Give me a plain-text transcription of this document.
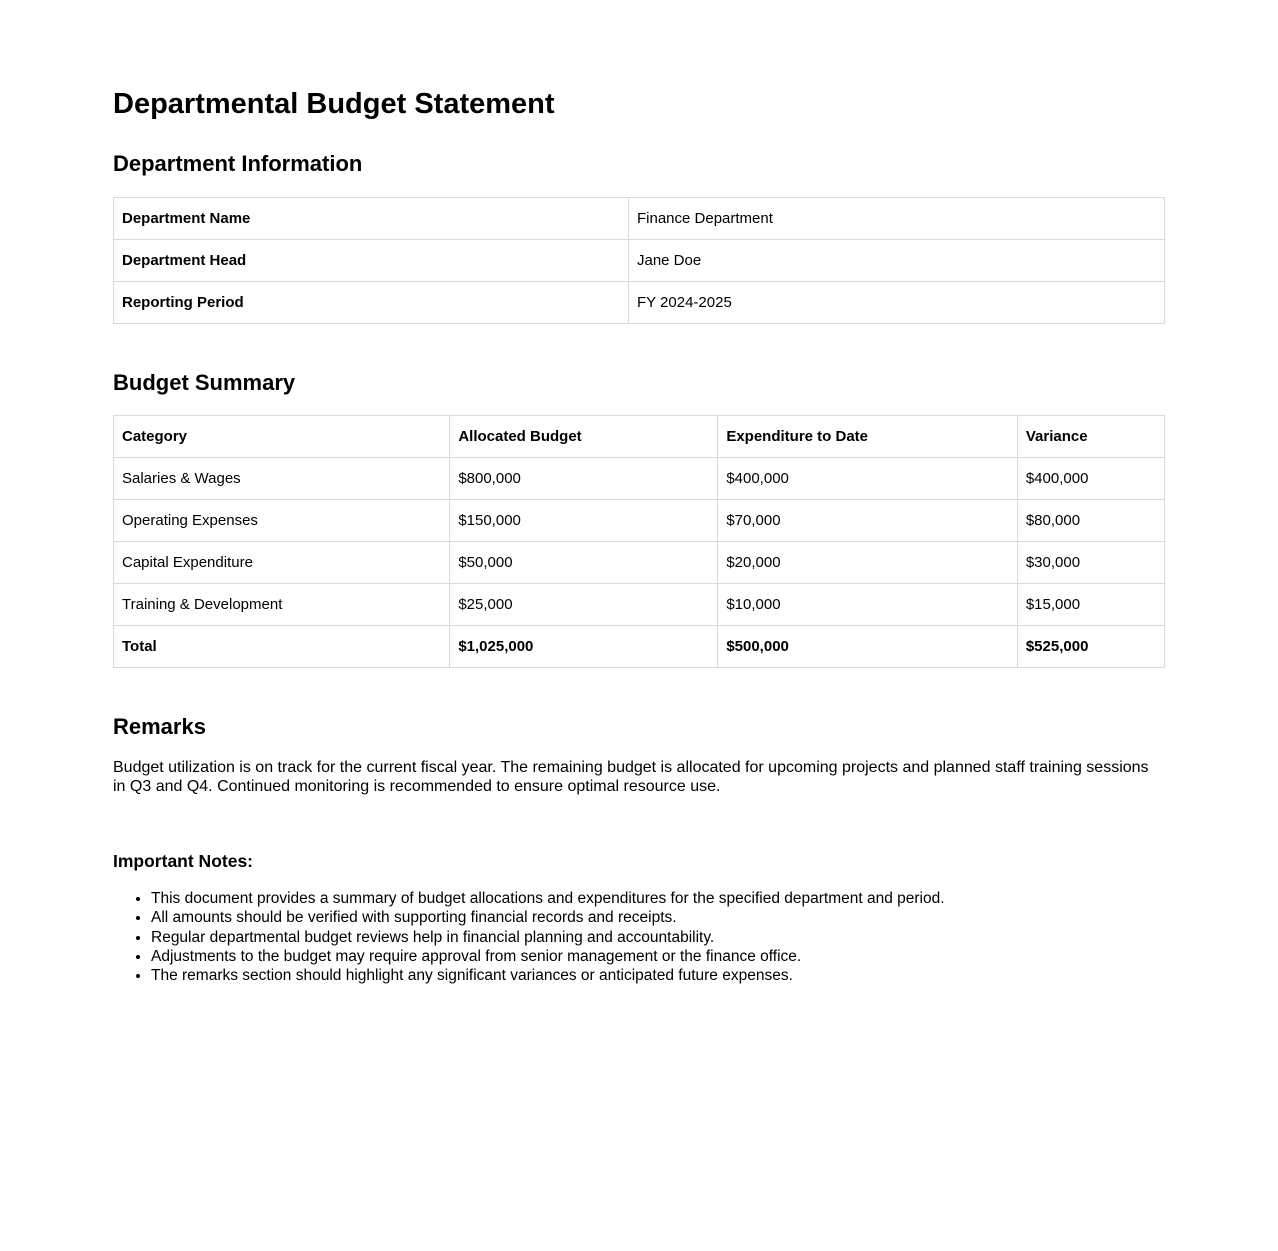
Departmental Budget Statement
Department Information
Department Name	Finance Department
Department Head	Jane Doe
Reporting Period	FY 2024-2025
Budget Summary
Category	Allocated Budget	Expenditure to Date	Variance
Salaries & Wages	$800,000	$400,000	$400,000
Operating Expenses	$150,000	$70,000	$80,000
Capital Expenditure	$50,000	$20,000	$30,000
Training & Development	$25,000	$10,000	$15,000
Total	$1,025,000	$500,000	$525,000
Remarks

Budget utilization is on track for the current fiscal year. The remaining budget is allocated for upcoming projects and planned staff training sessions in Q3 and Q4. Continued monitoring is recommended to ensure optimal resource use.

Important Notes:
• This document provides a summary of budget allocations and expenditures for the specified department and period.
• All amounts should be verified with supporting financial records and receipts.
• Regular departmental budget reviews help in financial planning and accountability.
• Adjustments to the budget may require approval from senior management or the finance office.
• The remarks section should highlight any significant variances or anticipated future expenses.
